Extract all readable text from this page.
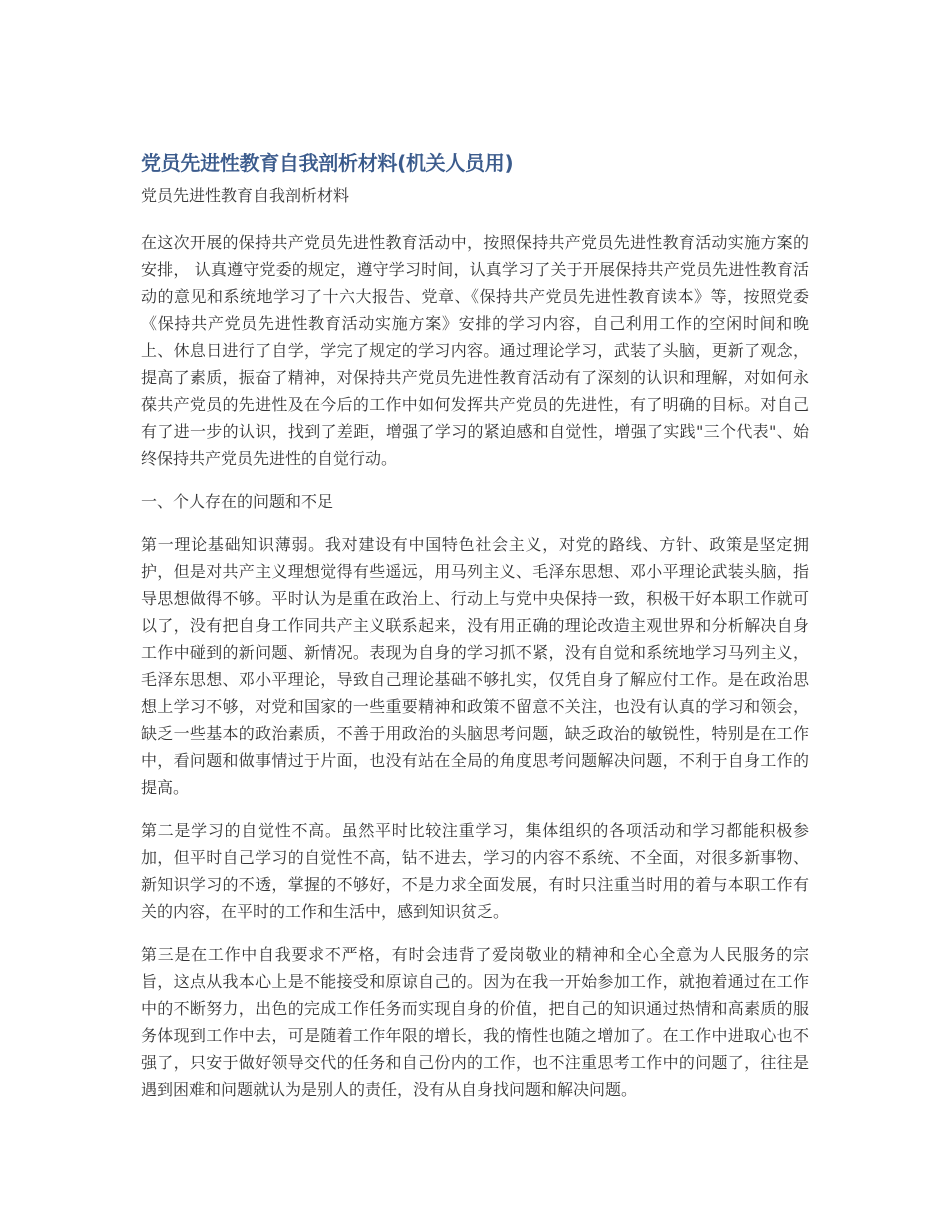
党员先进性教育自我剖析材料(机关人员用)

党员先进性教育自我剖析材料

在这次开展的保持共产党员先进性教育活动中，按照保持共产党员先进性教育活动实施方案的安排， 认真遵守党委的规定，遵守学习时间，认真学习了关于开展保持共产党员先进性教育活动的意见和系统地学习了十六大报告、党章、《保持共产党员先进性教育读本》等，按照党委《保持共产党员先进性教育活动实施方案》安排的学习内容，自己利用工作的空闲时间和晚上、休息日进行了自学，学完了规定的学习内容。通过理论学习，武装了头脑，更新了观念，提高了素质，振奋了精神，对保持共产党员先进性教育活动有了深刻的认识和理解，对如何永葆共产党员的先进性及在今后的工作中如何发挥共产党员的先进性，有了明确的目标。对自己有了进一步的认识，找到了差距，增强了学习的紧迫感和自觉性，增强了实践"三个代表"、始终保持共产党员先进性的自觉行动。

一、个人存在的问题和不足

第一理论基础知识薄弱。我对建设有中国特色社会主义，对党的路线、方针、政策是坚定拥护，但是对共产主义理想觉得有些遥远，用马列主义、毛泽东思想、邓小平理论武装头脑，指导思想做得不够。平时认为是重在政治上、行动上与党中央保持一致，积极干好本职工作就可以了，没有把自身工作同共产主义联系起来，没有用正确的理论改造主观世界和分析解决自身工作中碰到的新问题、新情况。表现为自身的学习抓不紧，没有自觉和系统地学习马列主义，毛泽东思想、邓小平理论，导致自己理论基础不够扎实，仅凭自身了解应付工作。是在政治思想上学习不够，对党和国家的一些重要精神和政策不留意不关注，也没有认真的学习和领会，缺乏一些基本的政治素质，不善于用政治的头脑思考问题，缺乏政治的敏锐性，特别是在工作中，看问题和做事情过于片面，也没有站在全局的角度思考问题解决问题，不利于自身工作的提高。

第二是学习的自觉性不高。虽然平时比较注重学习，集体组织的各项活动和学习都能积极参加，但平时自己学习的自觉性不高，钻不进去，学习的内容不系统、不全面，对很多新事物、新知识学习的不透，掌握的不够好，不是力求全面发展，有时只注重当时用的着与本职工作有关的内容，在平时的工作和生活中，感到知识贫乏。

第三是在工作中自我要求不严格，有时会违背了爱岗敬业的精神和全心全意为人民服务的宗旨，这点从我本心上是不能接受和原谅自己的。因为在我一开始参加工作，就抱着通过在工作中的不断努力，出色的完成工作任务而实现自身的价值，把自己的知识通过热情和高素质的服务体现到工作中去，可是随着工作年限的增长，我的惰性也随之增加了。在工作中进取心也不强了，只安于做好领导交代的任务和自己份内的工作，也不注重思考工作中的问题了，往往是遇到困难和问题就认为是别人的责任，没有从自身找问题和解决问题。
